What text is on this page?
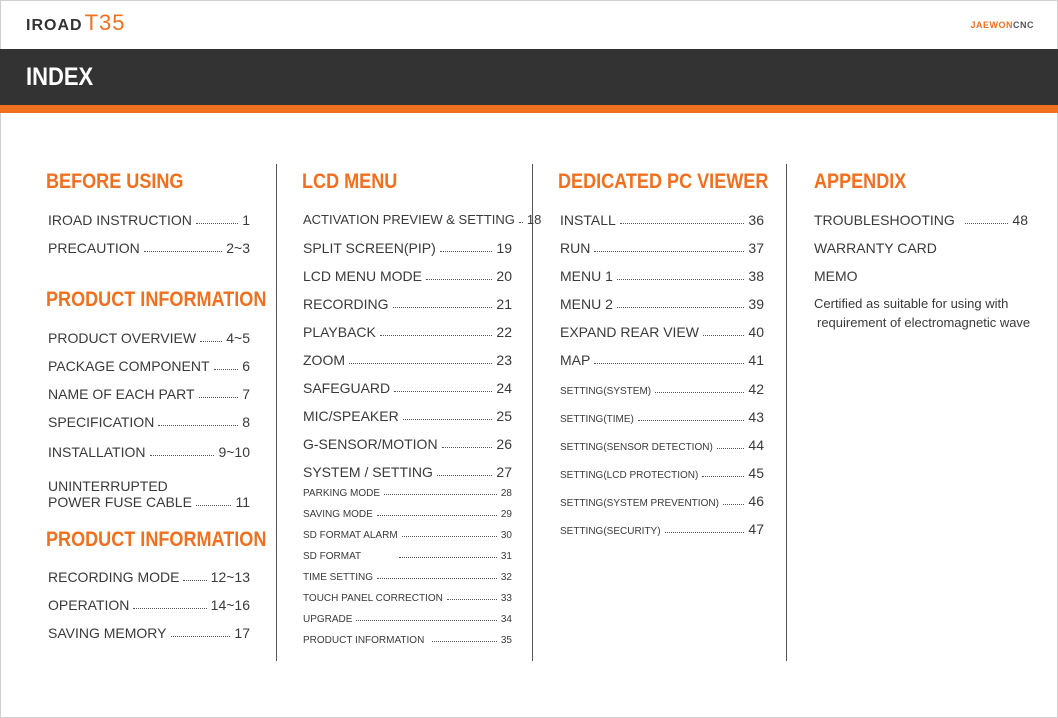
IROAD T35	JAEWONCNC
INDEX
BEFORE USING
IROAD INSTRUCTION	1
PRECAUTION	2~3
PRODUCT INFORMATION
PRODUCT OVERVIEW 4~5
PACKAGE COMPONENT 6
NAME OF EACH PART	7
SPECIFICATION	8
INSTALLATION	9~10
UNINTERRUPTED
POWER FUSE CABLE	11
PRODUCT INFORMATION
RECORDING MODE 12~13
OPERATION	14~16
SAVING MEMORY	17
LCD MENU
ACTIVATION PREVIEW & SETTING 18
SPLIT SCREEN(PIP)	19
LCD MENU MODE	20
RECORDING	21
PLAYBACK	22
ZOOM	23
SAFEGUARD	24
MIC/SPEAKER	25
G-SENSOR/MOTION	26
SYSTEM / SETTING	27
PARKING MODE	28
SAVING MODE	29
SD FORMAT ALARM	30
SD FORMAT	31
TIME SETTING	32
TOUCH PANEL CORRECTION	33
UPGRADE	34
PRODUCT INFORMATION	35
DEDICATED PC VIEWER
INSTALL	36
RUN	37
MENU 1	38
MENU 2	39
EXPAND REAR VIEW	40
MAP	41
SETTING(SYSTEM)	42
SETTING(TIME)	43
SETTING(SENSOR DETECTION)	44
SETTING(LCD PROTECTION)	45
SETTING(SYSTEM PREVENTION) 46
SETTING(SECURITY)	47
APPENDIX
TROUBLESHOOTING	48
WARRANTY CARD
MEMO
Certified as suitable for using with
requirement of electromagnetic wave
